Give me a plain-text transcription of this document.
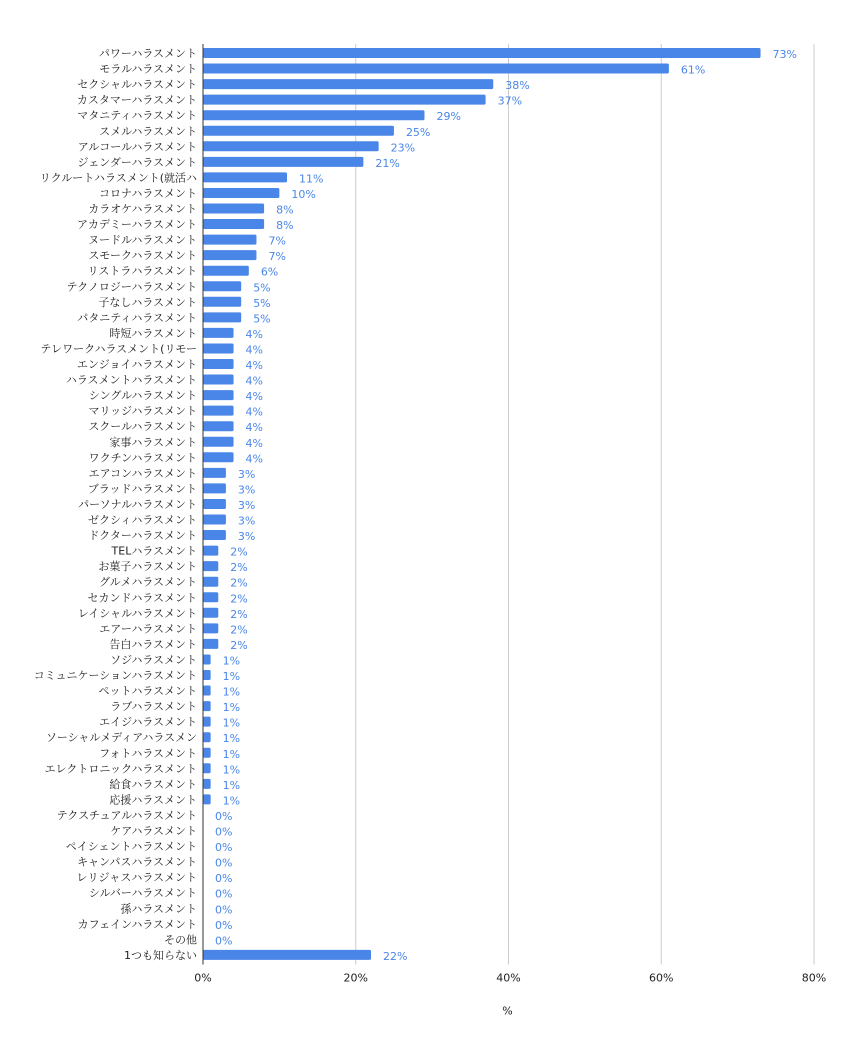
パワーハラスメント
モラルハラスメント
セクシャルハラスメント
カスタマーハラスメント
マタニティハラスメント
スメルハラスメント
アルコールハラスメント
ジェンダーハラスメント
リクルートハラスメント(就活ハ
コロナハラスメント
カラオケハラスメント
アカデミーハラスメント
ヌードルハラスメント
スモークハラスメント
リストラハラスメント
テクノロジーハラスメント
子なしハラスメント
パタニティハラスメント
時短ハラスメント
テレワークハラスメント(リモー
エンジョイハラスメント
ハラスメントハラスメント
シングルハラスメント
マリッジハラスメント
スクールハラスメント
家事ハラスメント
ワクチンハラスメント
エアコンハラスメント
ブラッドハラスメント
パーソナルハラスメント
ゼクシィハラスメント
ドクターハラスメント
TELハラスメント
お菓子ハラスメント
グルメハラスメント
セカンドハラスメント
レイシャルハラスメント
エアーハラスメント
告白ハラスメント
ソジハラスメント
コミュニケーションハラスメント
ペットハラスメント
ラブハラスメント
エイジハラスメント
ソーシャルメディアハラスメン
フォトハラスメント
エレクトロニックハラスメント
給食ハラスメント
応援ハラスメント
テクスチュアルハラスメント
ケアハラスメント
ペイシェントハラスメント
キャンパスハラスメント
レリジャスハラスメント
シルバーハラスメント
孫ハラスメント
カフェインハラスメント
その他
1つも知らない
73%
61%
38%
37%
29%
25%
23%
21%
11%
10%
8%
8%
7%
7%
6%
5%
5%
5%
4%
4%
4%
4%
4%
4%
4%
4%
4%
3%
3%
3%
3%
3%
2%
2%
2%
2%
2%
2%
2%
1%
1%
1%
1%
1%
1%
1%
1%
1%
1%
0%
0%
0%
0%
0%
0%
0%
0%
0%
22%
0%	20%	40%	60%	80%
%
